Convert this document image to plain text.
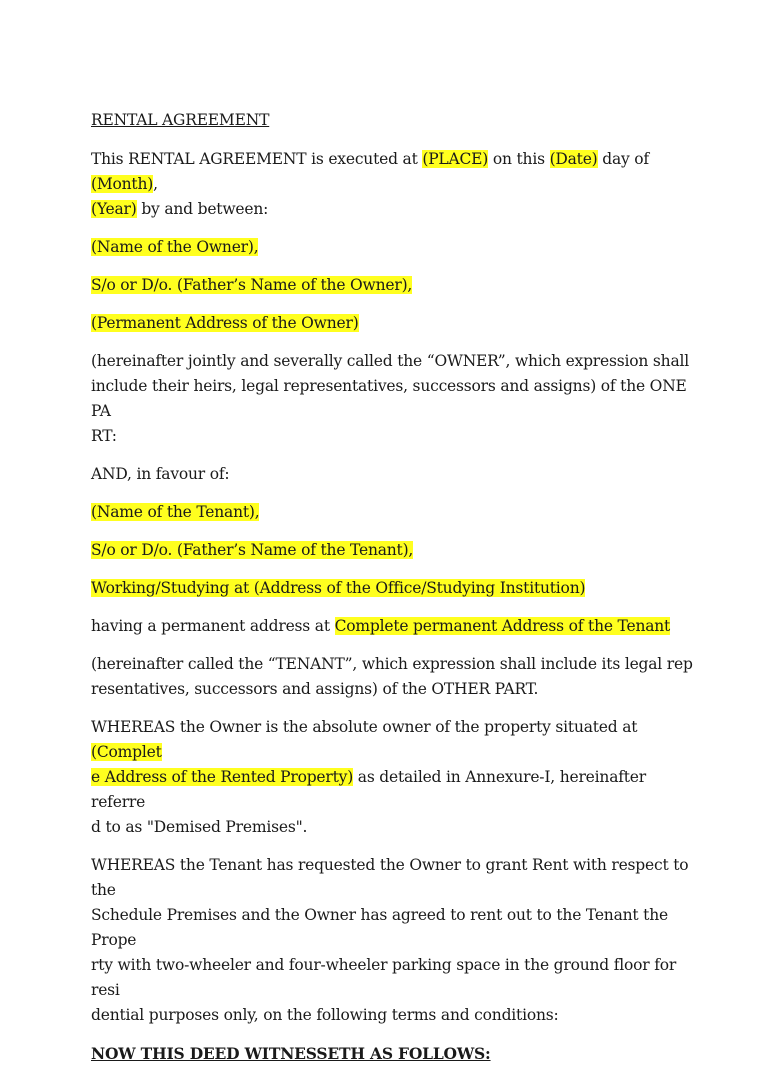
RENTAL AGREEMENT

This RENTAL AGREEMENT is executed at (PLACE) on this (Date) day of (Month),
(Year) by and between:

(Name of the Owner),

S/o or D/o. (Father’s Name of the Owner),

(Permanent Address of the Owner)

(hereinafter jointly and severally called the “OWNER”, which expression shall
include their heirs, legal representatives, successors and assigns) of the ONE PA
RT:

AND, in favour of:

(Name of the Tenant),

S/o or D/o. (Father’s Name of the Tenant),

Working/Studying at (Address of the Office/Studying Institution)

having a permanent address at Complete permanent Address of the Tenant

(hereinafter called the “TENANT”, which expression shall include its legal rep
resentatives, successors and assigns) of the OTHER PART.

WHEREAS the Owner is the absolute owner of the property situated at (Complet
e Address of the Rented Property) as detailed in Annexure-I, hereinafter referre
d to as "Demised Premises".

WHEREAS the Tenant has requested the Owner to grant Rent with respect to the
Schedule Premises and the Owner has agreed to rent out to the Tenant the Prope
rty with two-wheeler and four-wheeler parking space in the ground floor for resi
dential purposes only, on the following terms and conditions:

NOW THIS DEED WITNESSETH AS FOLLOWS:
